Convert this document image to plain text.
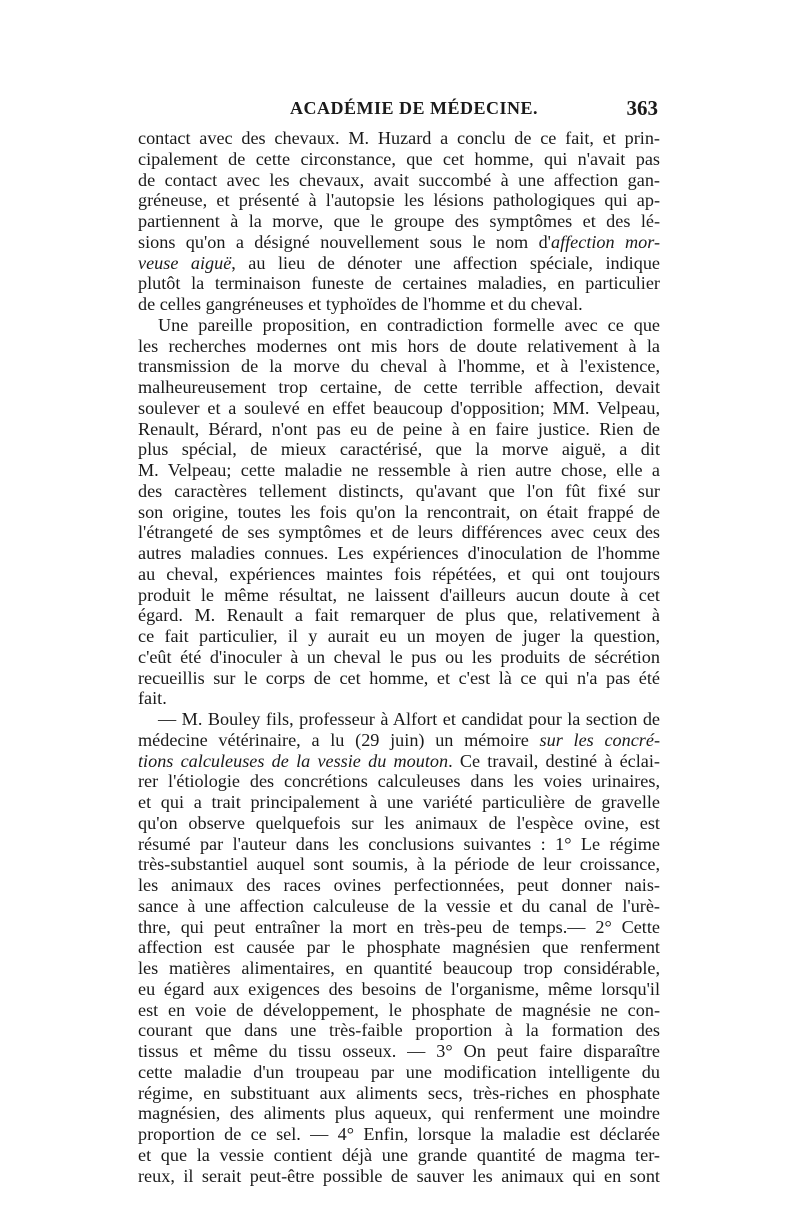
ACADÉMIE DE MÉDECINE.	363

contact avec des chevaux. M. Huzard a conclu de ce fait, et prin-
cipalement de cette circonstance, que cet homme, qui n'avait pas
de contact avec les chevaux, avait succombé à une affection gan-
gréneuse, et présenté à l'autopsie les lésions pathologiques qui ap-
partiennent à la morve, que le groupe des symptômes et des lé-
sions qu'on a désigné nouvellement sous le nom d'affection mor-
veuse aiguë, au lieu de dénoter une affection spéciale, indique
plutôt la terminaison funeste de certaines maladies, en particulier
de celles gangréneuses et typhoïdes de l'homme et du cheval.

Une pareille proposition, en contradiction formelle avec ce que
les recherches modernes ont mis hors de doute relativement à la
transmission de la morve du cheval à l'homme, et à l'existence,
malheureusement trop certaine, de cette terrible affection, devait
soulever et a soulevé en effet beaucoup d'opposition; MM. Velpeau,
Renault, Bérard, n'ont pas eu de peine à en faire justice. Rien de
plus spécial, de mieux caractérisé, que la morve aiguë, a dit
M. Velpeau; cette maladie ne ressemble à rien autre chose, elle a
des caractères tellement distincts, qu'avant que l'on fût fixé sur
son origine, toutes les fois qu'on la rencontrait, on était frappé de
l'étrangeté de ses symptômes et de leurs différences avec ceux des
autres maladies connues. Les expériences d'inoculation de l'homme
au cheval, expériences maintes fois répétées, et qui ont toujours
produit le même résultat, ne laissent d'ailleurs aucun doute à cet
égard. M. Renault a fait remarquer de plus que, relativement à
ce fait particulier, il y aurait eu un moyen de juger la question,
c'eût été d'inoculer à un cheval le pus ou les produits de sécrétion
recueillis sur le corps de cet homme, et c'est là ce qui n'a pas été
fait.

— M. Bouley fils, professeur à Alfort et candidat pour la section de
médecine vétérinaire, a lu (29 juin) un mémoire sur les concré-
tions calculeuses de la vessie du mouton. Ce travail, destiné à éclai-
rer l'étiologie des concrétions calculeuses dans les voies urinaires,
et qui a trait principalement à une variété particulière de gravelle
qu'on observe quelquefois sur les animaux de l'espèce ovine, est
résumé par l'auteur dans les conclusions suivantes : 1° Le régime
très-substantiel auquel sont soumis, à la période de leur croissance,
les animaux des races ovines perfectionnées, peut donner nais-
sance à une affection calculeuse de la vessie et du canal de l'urè-
thre, qui peut entraîner la mort en très-peu de temps.— 2° Cette
affection est causée par le phosphate magnésien que renferment
les matières alimentaires, en quantité beaucoup trop considérable,
eu égard aux exigences des besoins de l'organisme, même lorsqu'il
est en voie de développement, le phosphate de magnésie ne con-
courant que dans une très-faible proportion à la formation des
tissus et même du tissu osseux. — 3° On peut faire disparaître
cette maladie d'un troupeau par une modification intelligente du
régime, en substituant aux aliments secs, très-riches en phosphate
magnésien, des aliments plus aqueux, qui renferment une moindre
proportion de ce sel. — 4° Enfin, lorsque la maladie est déclarée
et que la vessie contient déjà une grande quantité de magma ter-
reux, il serait peut-être possible de sauver les animaux qui en sont
